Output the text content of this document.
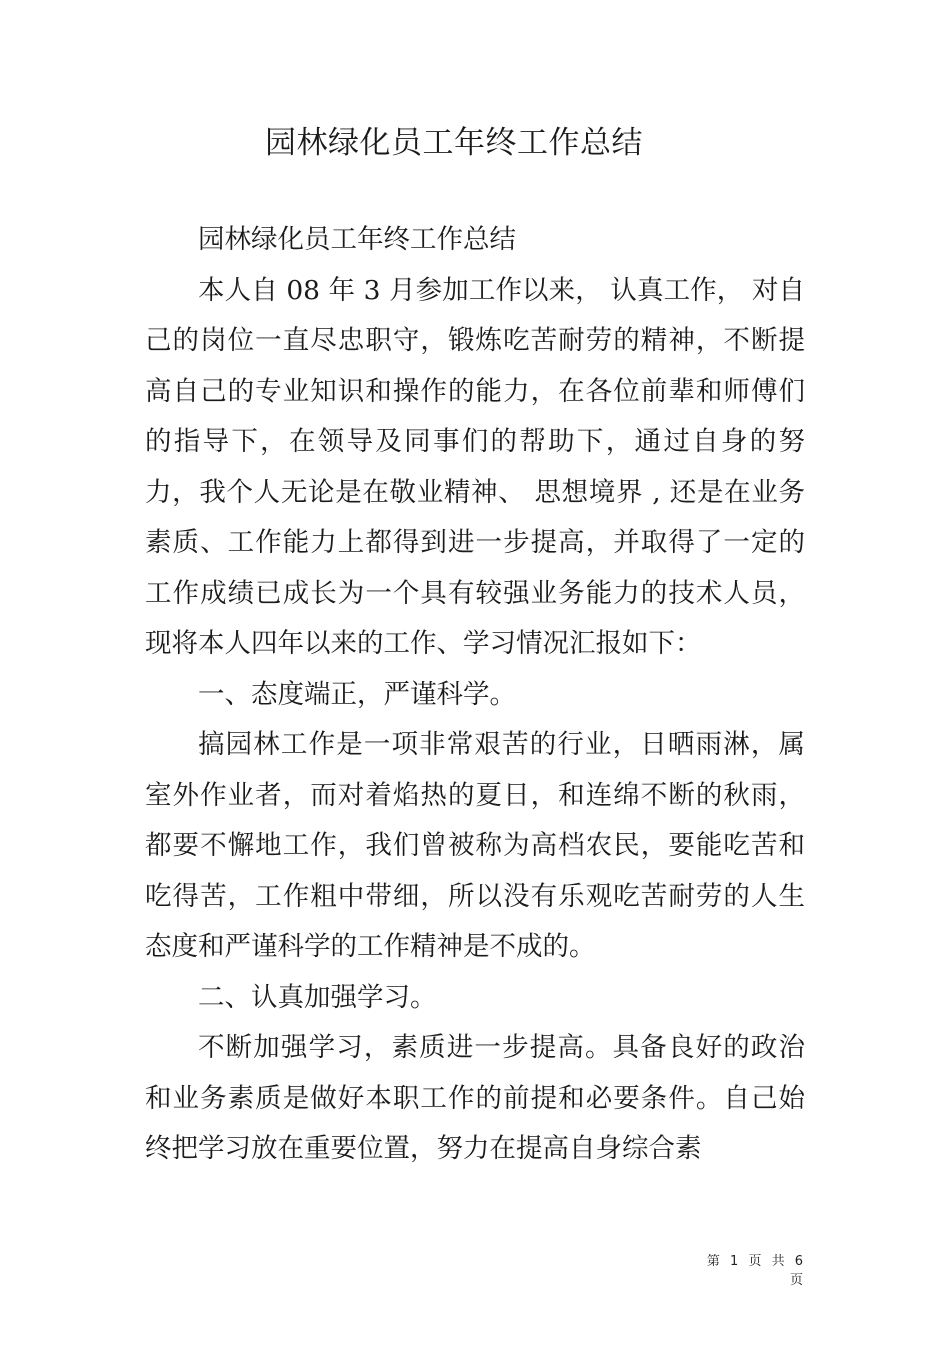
园林绿化员工年终工作总结

园林绿化员工年终工作总结

本人自 08 年 3 月参加工作以来， 认真工作， 对自己的岗位一直尽忠职守，锻炼吃苦耐劳的精神，不断提高自己的专业知识和操作的能力，在各位前辈和师傅们的指导下，在领导及同事们的帮助下，通过自身的努力，我个人无论是在敬业精神、 思想境界 , 还是在业务素质、工作能力上都得到进一步提高，并取得了一定的工作成绩已成长为一个具有较强业务能力的技术人员，现将本人四年以来的工作、学习情况汇报如下：

一、态度端正，严谨科学。

搞园林工作是一项非常艰苦的行业，日晒雨淋，属室外作业者，而对着焰热的夏日，和连绵不断的秋雨，都要不懈地工作，我们曾被称为高档农民，要能吃苦和吃得苦，工作粗中带细，所以没有乐观吃苦耐劳的人生态度和严谨科学的工作精神是不成的。

二、认真加强学习。

不断加强学习，素质进一步提高。具备良好的政治和业务素质是做好本职工作的前提和必要条件。自己始终把学习放在重要位置，努力在提高自身综合素

第 1 页 共 6 页
